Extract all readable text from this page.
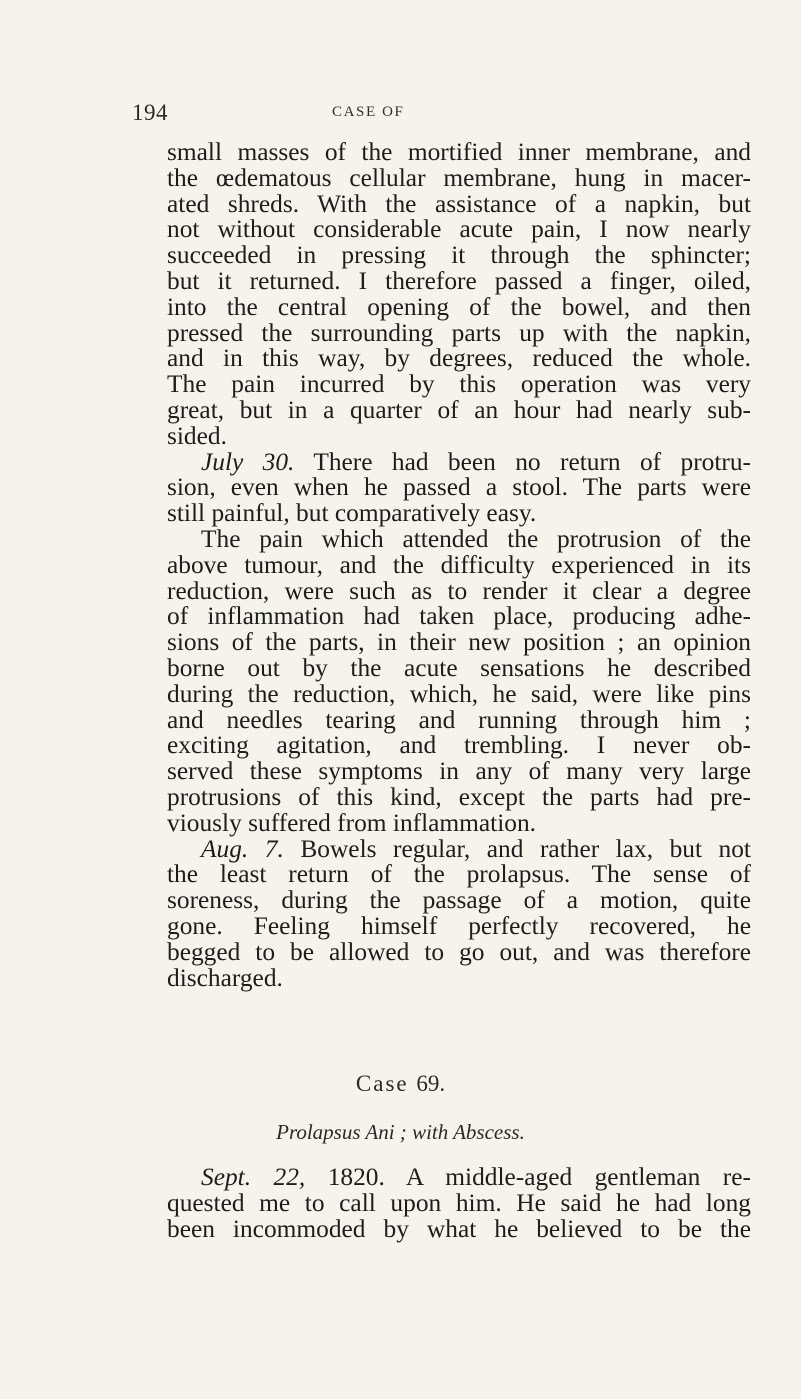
194	CASE OF
small masses of the mortified inner membrane, and
the œdematous cellular membrane, hung in macer-
ated shreds. With the assistance of a napkin, but
not without considerable acute pain, I now nearly
succeeded in pressing it through the sphincter;
but it returned. I therefore passed a finger, oiled,
into the central opening of the bowel, and then
pressed the surrounding parts up with the napkin,
and in this way, by degrees, reduced the whole.
The pain incurred by this operation was very
great, but in a quarter of an hour had nearly sub-
sided.
July 30. There had been no return of protru-
sion, even when he passed a stool. The parts were
still painful, but comparatively easy.
The pain which attended the protrusion of the
above tumour, and the difficulty experienced in its
reduction, were such as to render it clear a degree
of inflammation had taken place, producing adhe-
sions of the parts, in their new position ; an opinion
borne out by the acute sensations he described
during the reduction, which, he said, were like pins
and needles tearing and running through him ;
exciting agitation, and trembling. I never ob-
served these symptoms in any of many very large
protrusions of this kind, except the parts had pre-
viously suffered from inflammation.
Aug. 7. Bowels regular, and rather lax, but not
the least return of the prolapsus. The sense of
soreness, during the passage of a motion, quite
gone. Feeling himself perfectly recovered, he
begged to be allowed to go out, and was therefore
discharged.
Case 69.
Prolapsus Ani ; with Abscess.
Sept. 22, 1820. A middle-aged gentleman re-
quested me to call upon him. He said he had long
been incommoded by what he believed to be the
